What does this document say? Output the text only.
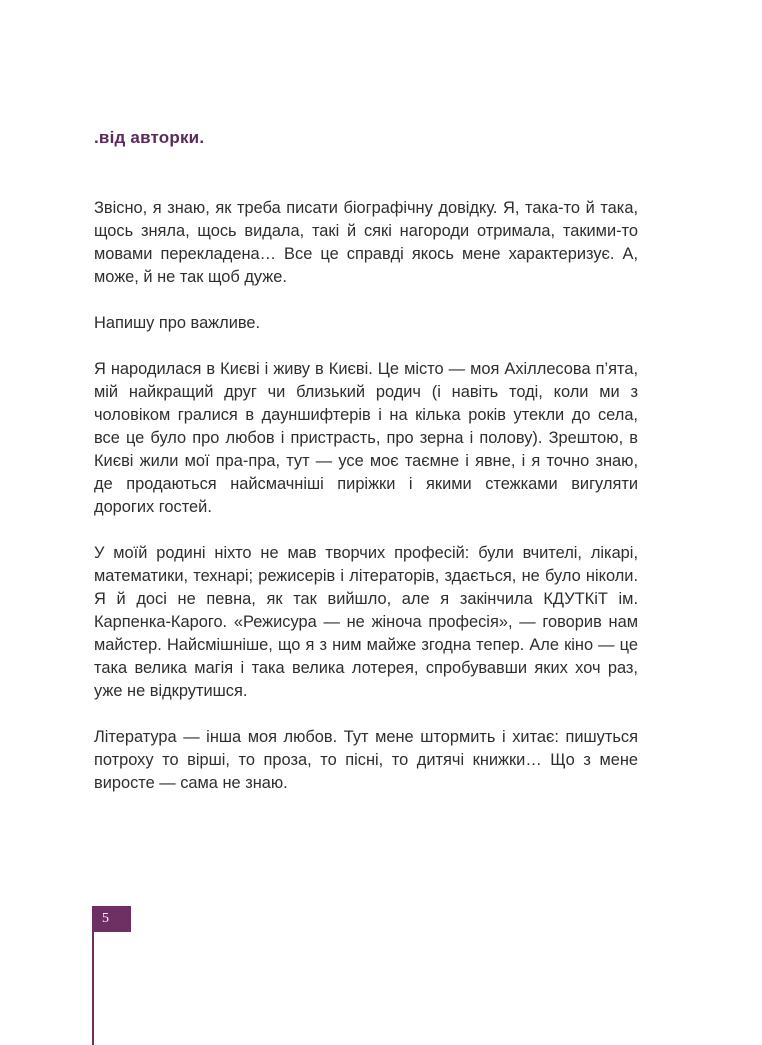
.від авторки.

Звісно, я знаю, як треба писати біографічну довідку. Я, така-то й така, щось зняла, щось видала, такі й сякі нагороди отримала, такими-то мовами перекладена… Все це справді якось мене характеризує. А, може, й не так щоб дуже.

Напишу про важливе.

Я народилася в Києві і живу в Києві. Це місто — моя Ахіллесова п’ята, мій найкращий друг чи близький родич (і навіть тоді, коли ми з чоловіком гралися в дауншифтерів і на кілька років утекли до села, все це було про любов і пристрасть, про зерна і полову). Зрештою, в Києві жили мої пра-пра, тут — усе моє таємне і явне, і я точно знаю, де продаються найсмачніші пиріжки і якими стежками вигуляти дорогих гостей.

У моїй родині ніхто не мав творчих професій: були вчителі, лікарі, математики, технарі; режисерів і літераторів, здається, не було ніколи. Я й досі не певна, як так вийшло, але я закінчила КДУТКіТ ім. Карпенка-Карого. «Режисура — не жіноча професія», — говорив нам майстер. Найсмішніше, що я з ним майже згодна тепер. Але кіно — це така велика магія і така велика лотерея, спробувавши яких хоч раз, уже не відкрутишся.

Література — інша моя любов. Тут мене штормить і хитає: пишуться потроху то вірші, то проза, то пісні, то дитячі книжки… Що з мене виросте — сама не знаю.

5
